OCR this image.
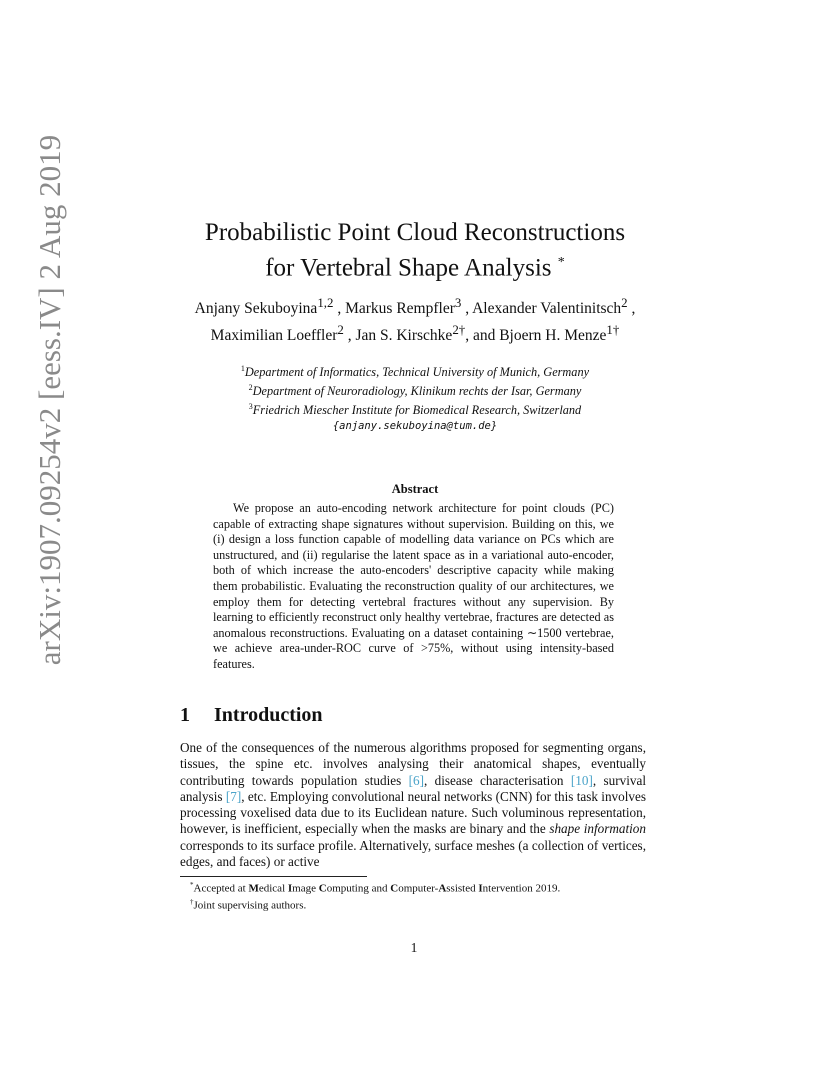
arXiv:1907.09254v2 [eess.IV] 2 Aug 2019	Probabilistic Point Cloud Reconstructions
for Vertebral Shape Analysis *
Anjany Sekuboyina$^{1,2}$ , Markus Rempfler$^3$ , Alexander Valentinitsch$^2$ , Maximilian Loeffler$^2$ , Jan S. Kirschke$^{2\dagger}$, and Bjoern H. Menze$^{1\dagger}$
$^1$Department of Informatics, Technical University of Munich, Germany
$^2$Department of Neuroradiology, Klinikum rechts der Isar, Germany
$^3$Friedrich Miescher Institute for Biomedical Research, Switzerland
{anjany.sekuboyina@tum.de}
Abstract
We propose an auto-encoding network architecture for point clouds (PC) capable of extracting shape signatures without supervision. Building on this, we (i) design a loss function capable of modelling data variance on PCs which are unstructured, and (ii) regularise the latent space as in a variational auto-encoder, both of which increase the auto-encoders' descriptive capacity while making them probabilistic. Evaluating the reconstruction quality of our architectures, we employ them for detecting vertebral fractures without any supervision. By learning to efficiently reconstruct only healthy vertebrae, fractures are detected as anomalous reconstructions. Evaluating on a dataset containing ∼1500 vertebrae, we achieve area-under-ROC curve of >75%, without using intensity-based features.
1 Introduction
One of the consequences of the numerous algorithms proposed for segmenting organs, tissues, the spine etc. involves analysing their anatomical shapes, eventually contributing towards population studies [6], disease characterisation [10], survival analysis [7], etc. Employing convolutional neural networks (CNN) for this task involves processing voxelised data due to its Euclidean nature. Such voluminous representation, however, is inefficient, especially when the masks are binary and the shape information corresponds to its surface profile. Alternatively, surface meshes (a collection of vertices, edges, and faces) or active
*Accepted at Medical Image Computing and Computer-Assisted Intervention 2019.
†Joint supervising authors.
1
